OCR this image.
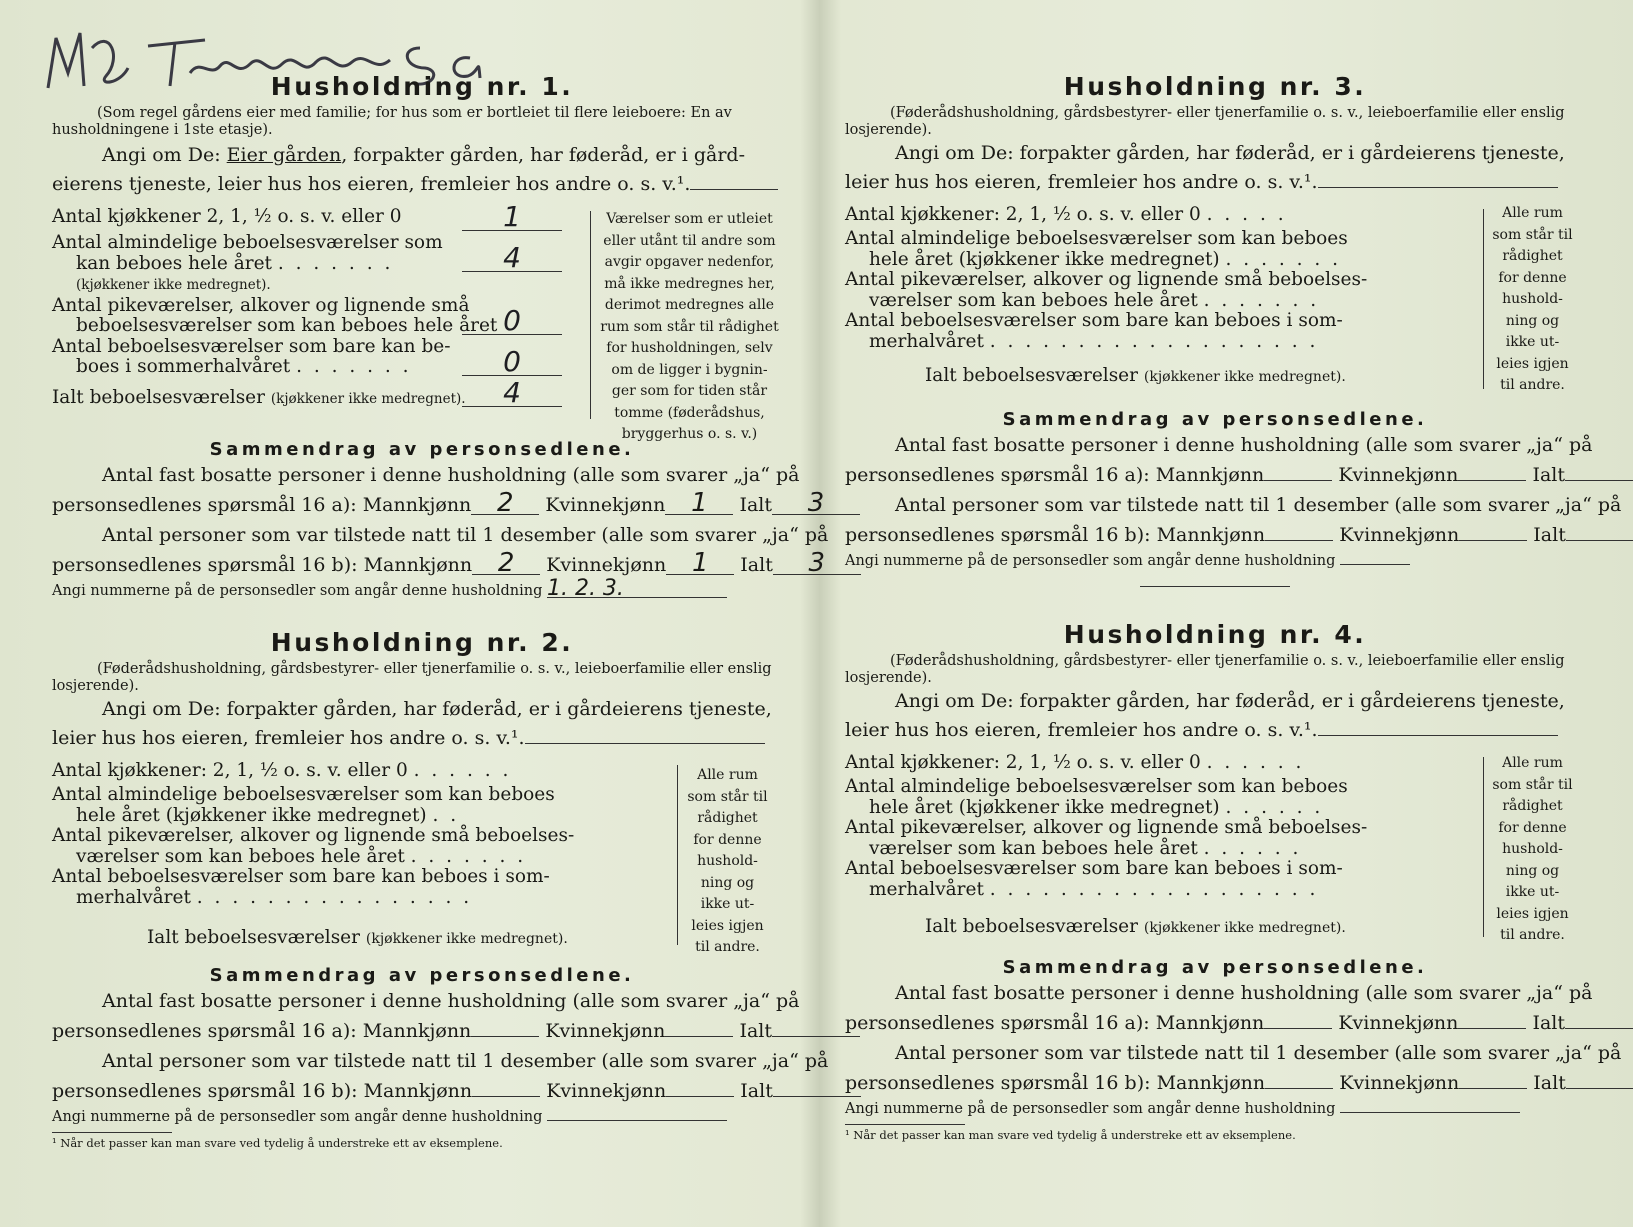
Husholdning nr. 1.

(Som regel gårdens eier med familie; for hus som er bortleiet til flere leieboere: En av husholdningene i 1ste etasje).

Angi om De: Eier gården, forpakter gården, har føderåd, er i gård-
eierens tjeneste, leier hus hos eieren, fremleier hos andre o. s. v.¹.
Antal kjøkkener 2, 1, ½ o. s. v. eller 0	1
Antal almindelige beboelsesværelser som
kan beboes hele året . . . . . . .	4
(kjøkkener ikke medregnet).
Antal pikeværelser, alkover og lignende små
beboelsesværelser som kan beboes hele året 0
Antal beboelsesværelser som bare kan be-
boes i sommerhalvåret . . . . . . .	0
Ialt beboelsesværelser (kjøkkener ikke medregnet).	4
Værelser som er utleiet
eller utånt til andre som
avgir opgaver nedenfor,
må ikke medregnes her,
derimot medregnes alle
rum som står til rådighet
for husholdningen, selv
om de ligger i bygnin-
ger som for tiden står
tomme (føderådshus,
bryggerhus o. s. v.)
Sammendrag av personsedlene.
Antal fast bosatte personer i denne husholdning (alle som svarer „ja“ på
personsedlenes spørsmål 16 a): Mannkjønn 2 Kvinnekjønn 1 Ialt 3
Antal personer som var tilstede natt til 1 desember (alle som svarer „ja“ på
personsedlenes spørsmål 16 b): Mannkjønn 2 Kvinnekjønn 1 Ialt 3
Angi nummerne på de personsedler som angår denne husholdning 1. 2. 3.
Husholdning nr. 2.

(Føderådshusholdning, gårdsbestyrer- eller tjenerfamilie o. s. v., leieboerfamilie eller enslig losjerende).

Angi om De: forpakter gården, har føderåd, er i gårdeierens tjeneste,
leier hus hos eieren, fremleier hos andre o. s. v.¹.
Antal kjøkkener: 2, 1, ½ o. s. v. eller 0 . . . . . .
Antal almindelige beboelsesværelser som kan beboes
hele året (kjøkkener ikke medregnet) . .
Antal pikeværelser, alkover og lignende små beboelses-
værelser som kan beboes hele året . . . . . . .
Antal beboelsesværelser som bare kan beboes i som-
merhalvåret . . . . . . . . . . . . . . . .
Ialt beboelsesværelser (kjøkkener ikke medregnet).
Alle rum
som står til
rådighet
for denne
hushold-
ning og
ikke ut-
leies igjen
til andre.
Sammendrag av personsedlene.
Antal fast bosatte personer i denne husholdning (alle som svarer „ja“ på
personsedlenes spørsmål 16 a): Mannkjønn	Kvinnekjønn	Ialt
Antal personer som var tilstede natt til 1 desember (alle som svarer „ja“ på
personsedlenes spørsmål 16 b): Mannkjønn	Kvinnekjønn	Ialt
Angi nummerne på de personsedler som angår denne husholdning
¹ Når det passer kan man svare ved tydelig å understreke ett av eksemplene.
Husholdning nr. 3.

(Føderådshusholdning, gårdsbestyrer- eller tjenerfamilie o. s. v., leieboerfamilie eller enslig losjerende).

Angi om De: forpakter gården, har føderåd, er i gårdeierens tjeneste,
leier hus hos eieren, fremleier hos andre o. s. v.¹.
Antal kjøkkener: 2, 1, ½ o. s. v. eller 0 . . . . .
Antal almindelige beboelsesværelser som kan beboes
hele året (kjøkkener ikke medregnet) . . . . . . .
Antal pikeværelser, alkover og lignende små beboelses-
værelser som kan beboes hele året . . . . . . .
Antal beboelsesværelser som bare kan beboes i som-
merhalvåret . . . . . . . . . . . . . . . . . . .
Ialt beboelsesværelser (kjøkkener ikke medregnet).
Alle rum
som står til
rådighet
for denne
hushold-
ning og
ikke ut-
leies igjen
til andre.
Sammendrag av personsedlene.
Antal fast bosatte personer i denne husholdning (alle som svarer „ja“ på
personsedlenes spørsmål 16 a): Mannkjønn	Kvinnekjønn	Ialt
Antal personer som var tilstede natt til 1 desember (alle som svarer „ja“ på
personsedlenes spørsmål 16 b): Mannkjønn	Kvinnekjønn	Ialt
Angi nummerne på de personsedler som angår denne husholdning
Husholdning nr. 4.

(Føderådshusholdning, gårdsbestyrer- eller tjenerfamilie o. s. v., leieboerfamilie eller enslig losjerende).

Angi om De: forpakter gården, har føderåd, er i gårdeierens tjeneste,
leier hus hos eieren, fremleier hos andre o. s. v.¹.
Antal kjøkkener: 2, 1, ½ o. s. v. eller 0 . . . . . .
Antal almindelige beboelsesværelser som kan beboes
hele året (kjøkkener ikke medregnet) . . . . . .
Antal pikeværelser, alkover og lignende små beboelses-
værelser som kan beboes hele året . . . . . .
Antal beboelsesværelser som bare kan beboes i som-
merhalvåret . . . . . . . . . . . . . . . . . . .
Ialt beboelsesværelser (kjøkkener ikke medregnet).
Alle rum
som står til
rådighet
for denne
hushold-
ning og
ikke ut-
leies igjen
til andre.
Sammendrag av personsedlene.
Antal fast bosatte personer i denne husholdning (alle som svarer „ja“ på
personsedlenes spørsmål 16 a): Mannkjønn	Kvinnekjønn	Ialt
Antal personer som var tilstede natt til 1 desember (alle som svarer „ja“ på
personsedlenes spørsmål 16 b): Mannkjønn	Kvinnekjønn	Ialt
Angi nummerne på de personsedler som angår denne husholdning
¹ Når det passer kan man svare ved tydelig å understreke ett av eksemplene.
